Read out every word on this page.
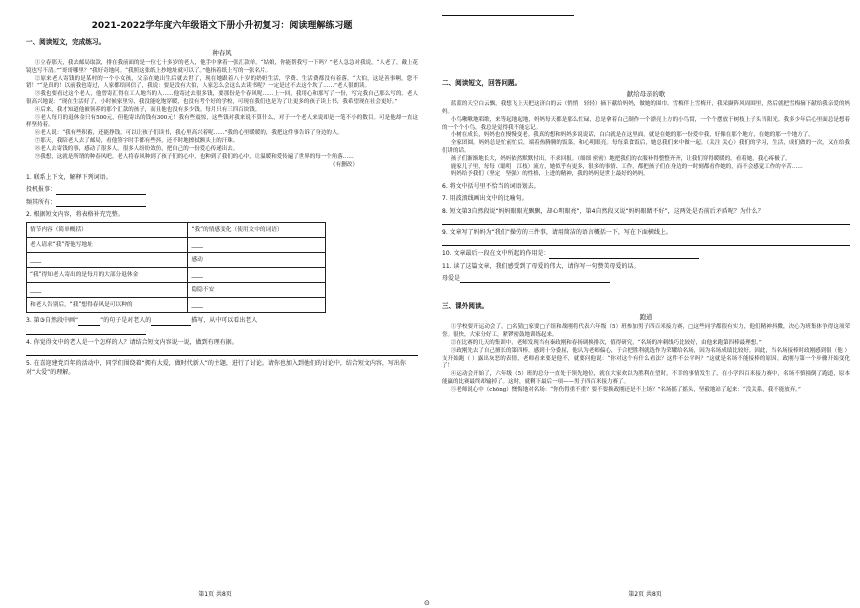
2021-2022学年度六年级语文下册小升初复习：阅读理解练习题
一、阅读短文，完成练习。
种春风
①立春那天，我去邮局取款，排在我前面的是一位七十多岁的老人，他手中拿着一张汇款单。“姑娘，你能帮我写一下吗？”老人急急对我说，“人老了，戴上花镜也写不清。”“哥哥哪里？”我好奇地问。“我照这张纸上抄地址就可以了。”他指着纸上写的一张名片。
②原来老人寄钱的是某村的一个小女孩，父亲在她出生后就去世了，现在她跟着八十岁的奶奶生活，学费、生活费都没有着落。“大伯，这是善事啊，您不错！”“是真的！以前我也寄过，人家都给回信了，我说：要是没有大伯，人家怎么会这么去读书呢？一定是过不去这个坎了……”老人很朗读。
③我也要看过这个老人，他曾寄汇得在工人地当的人……他寄过去很多钱，要那份是个春风呢……上一回，我用心和那写了一份，写完我自己那么写的。老人很高兴地说：“现在生活好了，小时候家里穷，我没能吃饱穿暖，也没有考个好的学校，可现在我们也是为了让更多的孩子读上书，我希望现在社会更好。”
④后来，我才知道他被领养的那个汇款的孩子，而且他也没有多少钱。每月只有三四百块钱。
⑤老人每月的退休金只有500元，但他寄出的钱有300元！我有些震惊，这些钱对我来说不算什么，对于一个老人来说却是一笔不小的数目。可是他却一直这样坚持着。
⑥老人说：“我有些积蓄，还能挣钱，可以让孩子们读书，我心里高兴着呢……”我的心里暖暖的，我把这件事告诉了身边的人。
⑦那天，我陪老人去了邮局，看他签字时手都有些抖，还不时地擦拭额头上的汗珠。
⑧老人去寄钱的事，感动了很多人。很多人纷纷效仿，把自己的一份爱心传递出去。
⑨我想，这就是所谓的种春风吧。老人将春风种到了孩子们的心中，也种到了我们的心中，让温暖和爱传遍了世界的每一个角落……
（有删改）
1. 联系上下文，解释下列词语。
投机报事：
频其所有：
2. 根据短文内容，将表格补充完整。
情节内容（简单概括）	“我”的情感变化（使用文中的词语）
老人请求“我”帮他写地址	____
____	感动
“我”得知老人寄出的是每月的大部分退休金	____
____	隐隐不安
和老人告别后，“我”想得春风是可以种的	____
3. 第③自然段中画“	”的句子是对老人的	描写，从中可以看出老人
4. 你觉得文中的老人是一个怎样的人？请结合短文内容说一说，做到有理有据。
5. 在喜迎建党百年的活动中，同学们围绕着“拥有大爱，做时代新人”的主题，进行了讨论。请你也加入到他们的讨论中，结合短文内容，写出你对“大爱”的理解。
第1页 共8页
⊙
二、阅读短文，回答问题。
献给母亲的歌
蓝蓝的天空白云飘，我想飞上天把这济白的云（悄悄　轻轻）摘下献给妈妈，做她的围巾。雪梅伴上雪梅开，我采撷阵风周围里，然后就把雪梅摘下献给我亲爱的妈妈。
小鸟啾啾地唱歌，来等起地起地，妈妈每天都是那么忙碌，总是拿着白己制作一个漂亮上方的小鸟窝，一个个摆放于树枝上子头当阳光。我多少年后心里面总是想着的一个个小鸟，我总是觉得我不能忘记。
小树在成长，妈妈也在慢慢变老。我真的想和妈妈多说说话，白白就是在这里面，就是在她的那一份爱中我，好像在那个地方，在她的那一个地方了。
全家团圆，妈妈总是忙前忙后，端着热腾腾的饭菜，和心明眼亮。每每菜食饭后，她总我们来中做一起。（关注 关心）我们的学习，生活，成们做的一次，又在给我们讲的话。
孩子们渐渐地长大，妈妈依然默默付出，不求回报。（细细 密密）地把我们的衣服补得整整齐齐，让我们穿得暖暖的。看着她，我心疼极了。
鹿家儿子里，每每（聪明　江枝）流方，她似乎有更多，很多的事情、工作，都把孩子们在身边的一时刻都看作她的，而不会感觉工作的辛苦……
妈妈给予我们（坚定　坚强）的性格，上进的精神，我的妈妈是世上最好的妈妈。
6. 将文中括号里不恰当的词语划去。
7. 用波浪线画出文中的比喻句。
8. 短文第3自然段说“妈妈眼眼光飘飘，却心明眼亮”，第4自然段又说“妈妈眼睛不好”，这两处是否前后矛盾呢？为什么？
9. 文章写了妈妈为“我们”操劳的三件事，请用简洁的语言概括一下，写在下面横线上。
10. 文章最后一段在文中所起的作用是：
11. 读了这篇文章，我们感受到了母爱的伟大，请你写一句赞美母爱的话。
母爱是
三、课外阅读。
跑道
①学校要开运动会了，□名猜□家要□子组和战刚将代表六年级（5）班参加男子四百米接力赛，□这些同学都很有实力，他们精神抖擞，决心为班集体争得这项荣誉。很快，大家分好工，紧锣密鼓地训练起来。
②在比赛的几天的集训中，老师发现当有秦政刚和春扬调换排次，值得研究，“名场的冲刺线巧比较好，由他来跑第四棒最理想。”
③政刚先去了自己擅长的第四棒，感到十分委屈，他认为老师偏心，于合把胜利就选作为荣耀给名场，因为名场成绩比较好。因此，当名场接棒时政刚感到很（他 ）支开始跑（ ）露出灰恶的表情，老师看来要是他不，就要问他说：“你对这个有什么看法？这件不公平吗？”这就是名场不能接棒的原因。政刚与第一个步骤开始变化了！
④运动会开始了，六年级（5）班的总分一直处于领先地位，就在大家欢以为胜利在望时，不幸的事情发生了，在小学四百米接力赛中，名场不慎撞倒了跑道，原本能赢的比赛最终却输掉了。这时，就剩下最后一项——男子四百米接力赛了。
⑤老师说心中（chōng）懊悔地对名场：“你伤得重不重？要不要换政刚还是不上场？”名场摇了摇头，坚毅地站了起来：“没关系，我不能放弃。”
第2页 共8页
